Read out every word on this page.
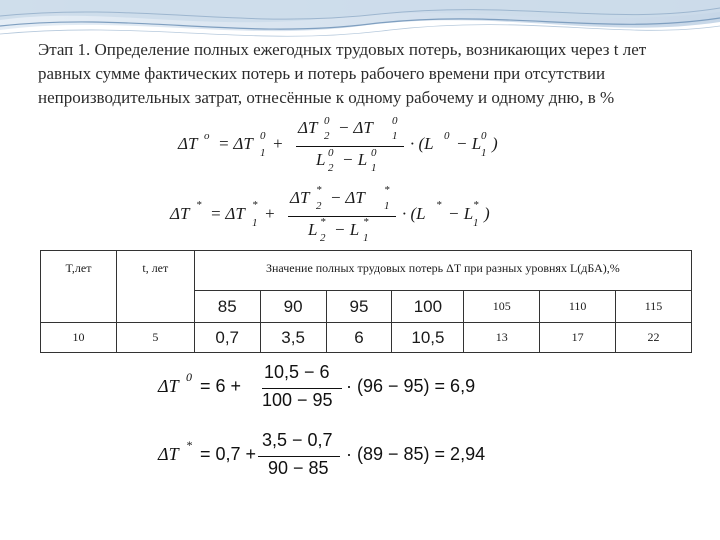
Этап 1. Определение полных ежегодных трудовых потерь, возникающих через t лет равных сумме фактических потерь и потерь рабочего времени при отсутствии непроизводительных затрат, отнесённые к одному рабочему и одному дню, в %
ΔT o = ΔT 0
1 +
ΔT 0
2 − ΔT 0
1
L 0
2 − L 0
1
· (L 0 − L 0
1 )
ΔT * = ΔT *
1 +
ΔT *
2 − ΔT *
1
L *
2 − L *
1
· (L * − L *
1 )
T,лет	t, лет	Значение полных трудовых потерь ΔT при разных уровнях L(дБА),%						
		85	90	95	100	105	110	115
10	5	0,7	3,5	6	10,5	13	17	22
ΔT 0 = 6 +
10,5 − 6
100 − 95
· (96 − 95) = 6,9
ΔT * = 0,7 +
3,5 − 0,7
90 − 85
· (89 − 85) = 2,94
